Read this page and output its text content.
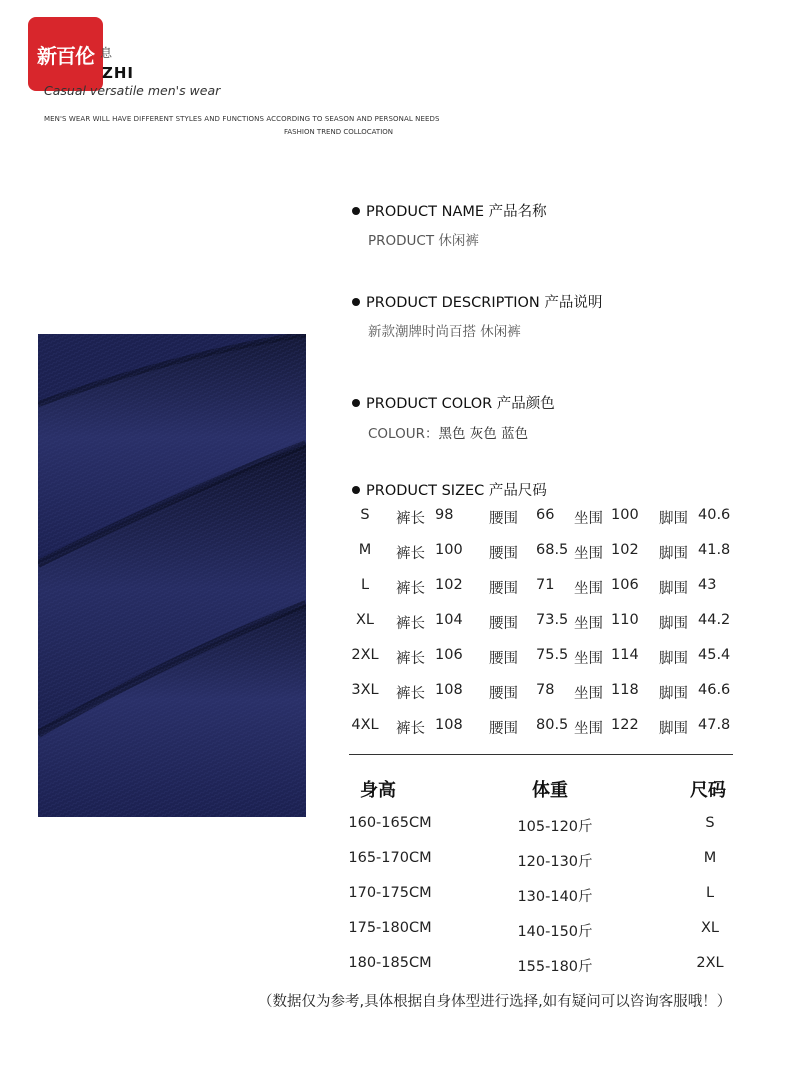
新百伦 息
ZHI
Casual versatile men's wear
MEN'S WEAR WILL HAVE DIFFERENT STYLES AND FUNCTIONS ACCORDING TO SEASON AND PERSONAL NEEDS
FASHION TREND COLLOCATION
PRODUCT NAME 产品名称
PRODUCT 休闲裤
PRODUCT DESCRIPTION 产品说明
新款潮牌时尚百搭 休闲裤
PRODUCT COLOR 产品颜色
COLOUR：黑色 灰色 蓝色
PRODUCT SIZEC 产品尺码
S	裤长 98 腰围 66 坐围 100 脚围 40.6
M	裤长 100 腰围 68.5 坐围 102 脚围 41.8
L	裤长 102 腰围 71 坐围 106 脚围 43
XL	裤长 104 腰围 73.5 坐围 110 脚围 44.2
2XL 裤长 106 腰围 75.5 坐围 114 脚围 45.4
3XL 裤长 108 腰围 78 坐围 118 脚围 46.6
4XL 裤长 108 腰围 80.5 坐围 122 脚围 47.8
身高	体重	尺码
160-165CM	105-120斤	S
165-170CM	120-130斤	M
170-175CM	130-140斤	L
175-180CM	140-150斤	XL
180-185CM	155-180斤	2XL
（数据仅为参考,具体根据自身体型进行选择,如有疑问可以咨询客服哦！）
